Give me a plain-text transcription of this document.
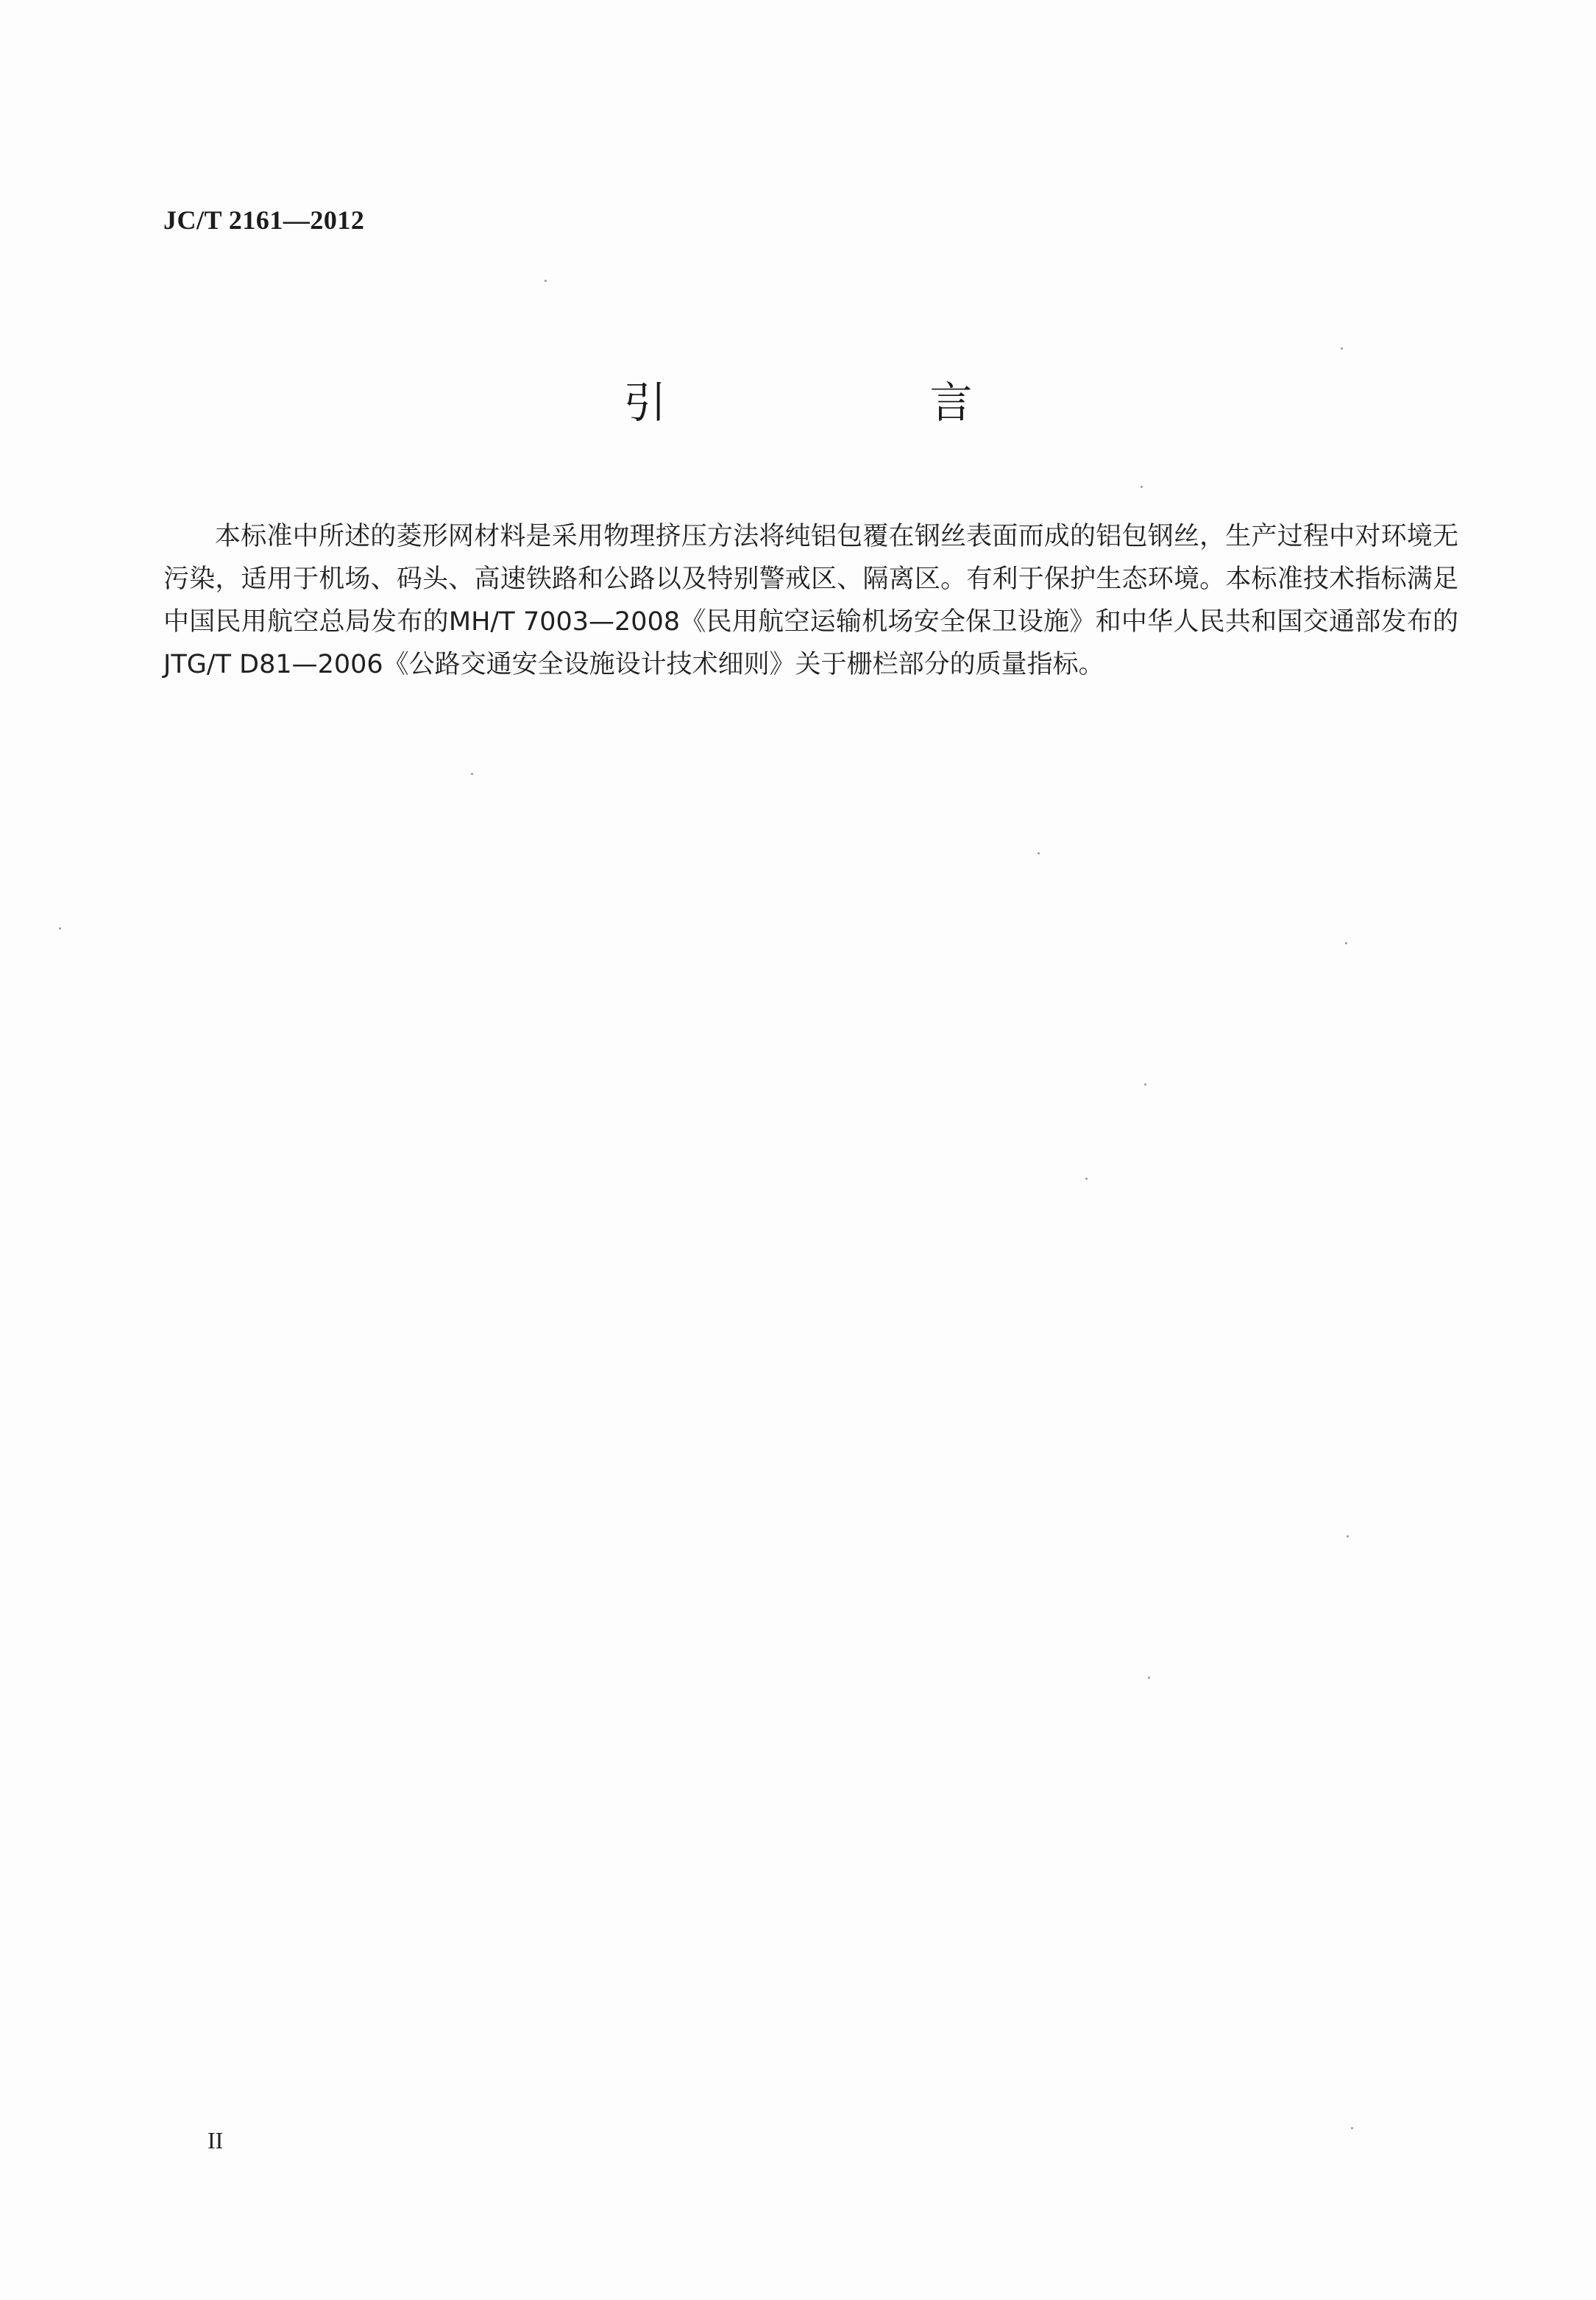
JC/T 2161—2012
引　言

本标准中所述的菱形网材料是采用物理挤压方法将纯铝包覆在钢丝表面而成的铝包钢丝，生产过程中对环境无污染，适用于机场、码头、高速铁路和公路以及特别警戒区、隔离区。有利于保护生态环境。本标准技术指标满足中国民用航空总局发布的MH/T 7003—2008《民用航空运输机场安全保卫设施》和中华人民共和国交通部发布的JTG/T D81—2006《公路交通安全设施设计技术细则》关于栅栏部分的质量指标。

II
